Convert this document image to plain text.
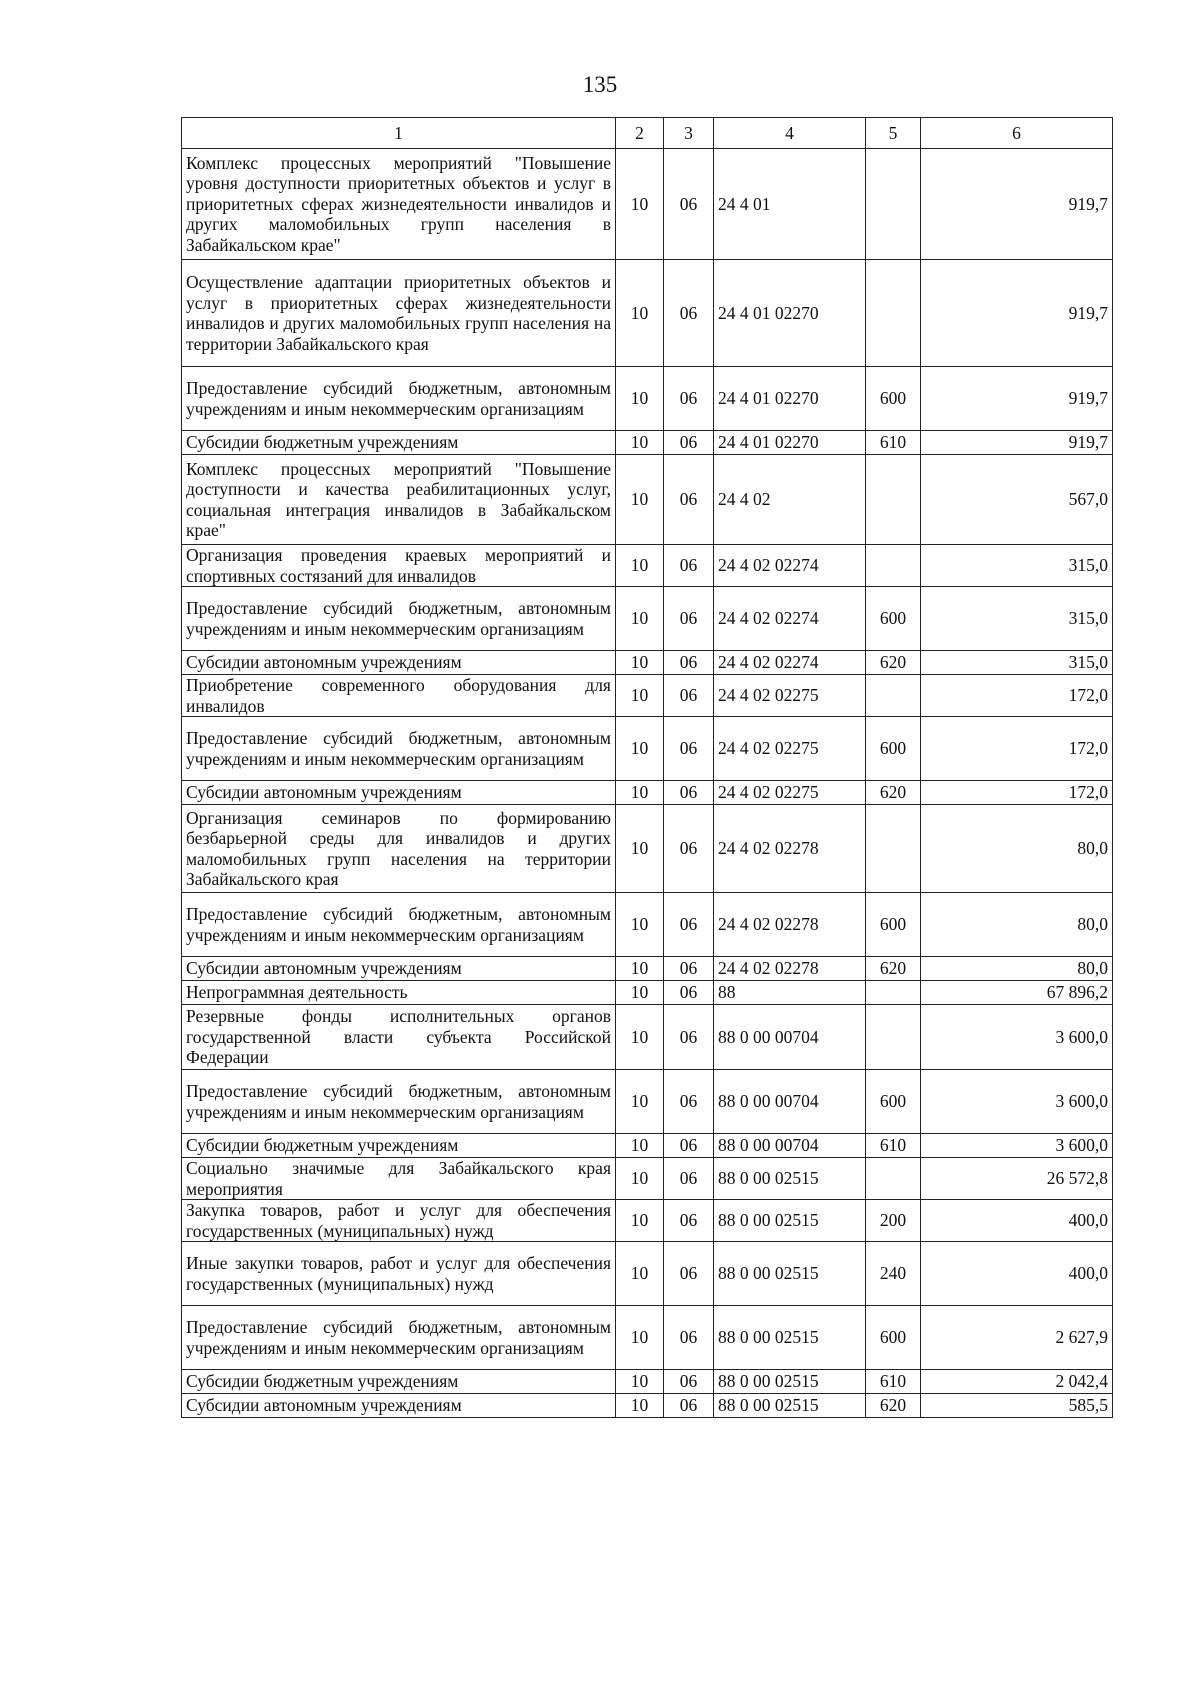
135
1	2	3	4	5	6
Комплекс процессных мероприятий "Повышение уровня доступности приоритетных объектов и услуг в приоритетных сферах жизнедеятельности инвалидов и других маломобильных групп населения в Забайкальском крае"	10	06	24 4 01		919,7
Осуществление адаптации приоритетных объектов и услуг в приоритетных сферах жизнедеятельности инвалидов и других маломобильных групп населения на территории Забайкальского края	10	06	24 4 01 02270		919,7
Предоставление субсидий бюджетным, автономным учреждениям и иным некоммерческим организациям	10	06	24 4 01 02270	600	919,7
Субсидии бюджетным учреждениям	10	06	24 4 01 02270	610	919,7
Комплекс процессных мероприятий "Повышение доступности и качества реабилитационных услуг, социальная интеграция инвалидов в Забайкальском крае"	10	06	24 4 02		567,0
Организация проведения краевых мероприятий и спортивных состязаний для инвалидов	10	06	24 4 02 02274		315,0
Предоставление субсидий бюджетным, автономным учреждениям и иным некоммерческим организациям	10	06	24 4 02 02274	600	315,0
Субсидии автономным учреждениям	10	06	24 4 02 02274	620	315,0
Приобретение современного оборудования для инвалидов	10	06	24 4 02 02275		172,0
Предоставление субсидий бюджетным, автономным учреждениям и иным некоммерческим организациям	10	06	24 4 02 02275	600	172,0
Субсидии автономным учреждениям	10	06	24 4 02 02275	620	172,0
Организация семинаров по формированию безбарьерной среды для инвалидов и других маломобильных групп населения на территории Забайкальского края	10	06	24 4 02 02278		80,0
Предоставление субсидий бюджетным, автономным учреждениям и иным некоммерческим организациям	10	06	24 4 02 02278	600	80,0
Субсидии автономным учреждениям	10	06	24 4 02 02278	620	80,0
Непрограммная деятельность	10	06	88		67 896,2
Резервные фонды исполнительных органов государственной власти субъекта Российской Федерации	10	06	88 0 00 00704		3 600,0
Предоставление субсидий бюджетным, автономным учреждениям и иным некоммерческим организациям	10	06	88 0 00 00704	600	3 600,0
Субсидии бюджетным учреждениям	10	06	88 0 00 00704	610	3 600,0
Социально значимые для Забайкальского края мероприятия	10	06	88 0 00 02515		26 572,8
Закупка товаров, работ и услуг для обеспечения государственных (муниципальных) нужд	10	06	88 0 00 02515	200	400,0
Иные закупки товаров, работ и услуг для обеспечения государственных (муниципальных) нужд	10	06	88 0 00 02515	240	400,0
Предоставление субсидий бюджетным, автономным учреждениям и иным некоммерческим организациям	10	06	88 0 00 02515	600	2 627,9
Субсидии бюджетным учреждениям	10	06	88 0 00 02515	610	2 042,4
Субсидии автономным учреждениям	10	06	88 0 00 02515	620	585,5
